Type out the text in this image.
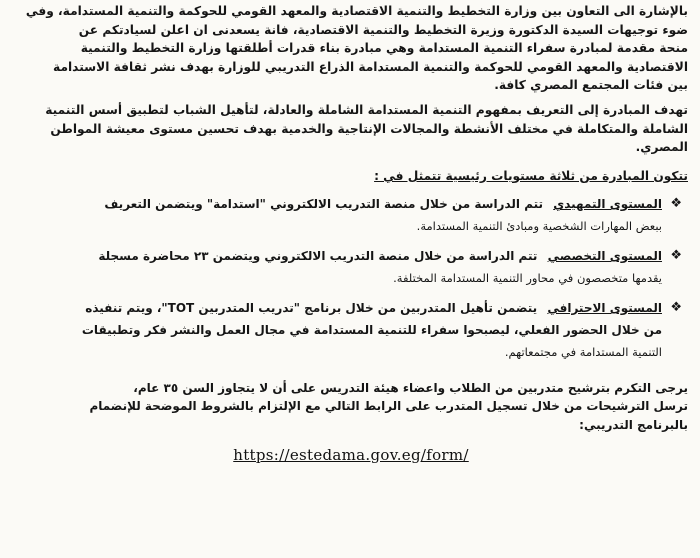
بالإشارة الى التعاون بين وزارة التخطيط والتنمية الاقتصادية والمعهد القومي للحوكمة والتنمية المستدامة، وفي
ضوء توجيهات السيدة الدكتورة وزيرة التخطيط والتنمية الاقتصادية، فانة يسعدنى ان اعلن لسيادتكم عن
منحة مقدمة لمبادرة سفراء التنمية المستدامة وهي مبادرة بناء قدرات أطلقتها وزارة التخطيط والتنمية
الاقتصادية والمعهد القومي للحوكمة والتنمية المستدامة الذراع التدريبي للوزارة بهدف نشر ثقافة الاستدامة
بين فئات المجتمع المصري كافة.
تهدف المبادرة إلى التعريف بمفهوم التنمية المستدامة الشاملة والعادلة، لتأهيل الشباب لتطبيق أسس التنمية
الشاملة والمتكاملة في مختلف الأنشطة والمجالات الإنتاجية والخدمية بهدف تحسين مستوى معيشة المواطن
المصري.
تتكون المبادرة من ثلاثة مستويات رئيسية تتمثل في :
❖
المستوى التمهيدي تتم الدراسة من خلال منصة التدريب الالكتروني "استدامة" ويتضمن التعريف
ببعض المهارات الشخصية ومبادئ التنمية المستدامة.
❖
المستوى التخصصي تتم الدراسة من خلال منصة التدريب الالكتروني ويتضمن ٢٣ محاضرة مسجلة
يقدمها متخصصون في محاور التنمية المستدامة المختلفة.
❖
المستوى الاحترافي يتضمن تأهيل المتدربين من خلال برنامج "تدريب المتدربين TOT"، ويتم تنفيذه
من خلال الحضور الفعلي، ليصبحوا سفراء للتنمية المستدامة في مجال العمل والنشر فكر وتطبيقات
التنمية المستدامة في مجتمعاتهم.
يرجى التكرم بترشيح متدربين من الطلاب واعضاء هيئة التدريس على أن لا يتجاوز السن ٣٥ عام،
ترسل الترشيحات من خلال تسجيل المتدرب على الرابط التالي مع الإلتزام بالشروط الموضحة للإنضمام
بالبرنامج التدريبي:
https://estedama.gov.eg/form/
